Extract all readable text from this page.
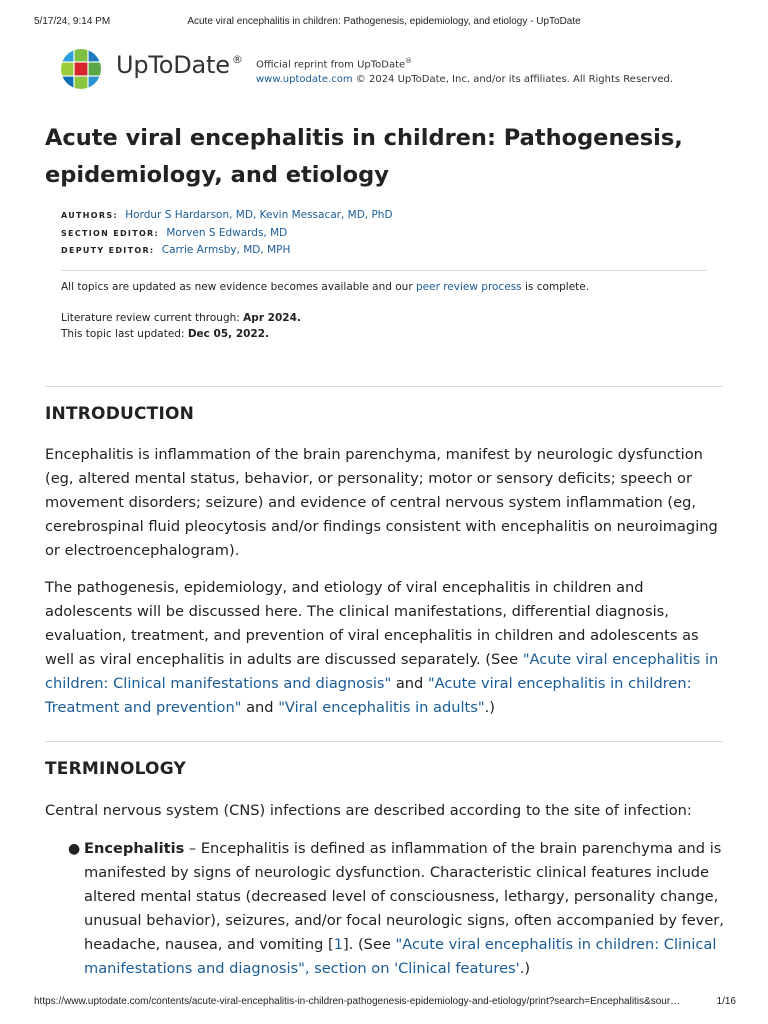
5/17/24, 9:14 PM	Acute viral encephalitis in children: Pathogenesis, epidemiology, and etiology - UpToDate
UpToDate ® Official reprint from UpToDate®
www.uptodate.com © 2024 UpToDate, Inc. and/or its affiliates. All Rights Reserved.
Acute viral encephalitis in children: Pathogenesis, epidemiology, and etiology
AUTHORS: Hordur S Hardarson, MD, Kevin Messacar, MD, PhD
SECTION EDITOR: Morven S Edwards, MD
DEPUTY EDITOR: Carrie Armsby, MD, MPH
All topics are updated as new evidence becomes available and our peer review process is complete.
Literature review current through: Apr 2024.
This topic last updated: Dec 05, 2022.
INTRODUCTION

Encephalitis is inflammation of the brain parenchyma, manifest by neurologic dysfunction (eg, altered mental status, behavior, or personality; motor or sensory deficits; speech or movement disorders; seizure) and evidence of central nervous system inflammation (eg, cerebrospinal fluid pleocytosis and/or findings consistent with encephalitis on neuroimaging or electroencephalogram).

The pathogenesis, epidemiology, and etiology of viral encephalitis in children and adolescents will be discussed here. The clinical manifestations, differential diagnosis, evaluation, treatment, and prevention of viral encephalitis in children and adolescents as well as viral encephalitis in adults are discussed separately. (See "Acute viral encephalitis in children: Clinical manifestations and diagnosis" and "Acute viral encephalitis in children: Treatment and prevention" and "Viral encephalitis in adults".)

TERMINOLOGY

Central nervous system (CNS) infections are described according to the site of infection:

● Encephalitis – Encephalitis is defined as inflammation of the brain parenchyma and is manifested by signs of neurologic dysfunction. Characteristic clinical features include altered mental status (decreased level of consciousness, lethargy, personality change, unusual behavior), seizures, and/or focal neurologic signs, often accompanied by fever, headache, nausea, and vomiting [1]. (See "Acute viral encephalitis in children: Clinical manifestations and diagnosis", section on 'Clinical features'.)

https://www.uptodate.com/contents/acute-viral-encephalitis-in-children-pathogenesis-epidemiology-and-etiology/print?search=Encephalitis&sour…	1/16
